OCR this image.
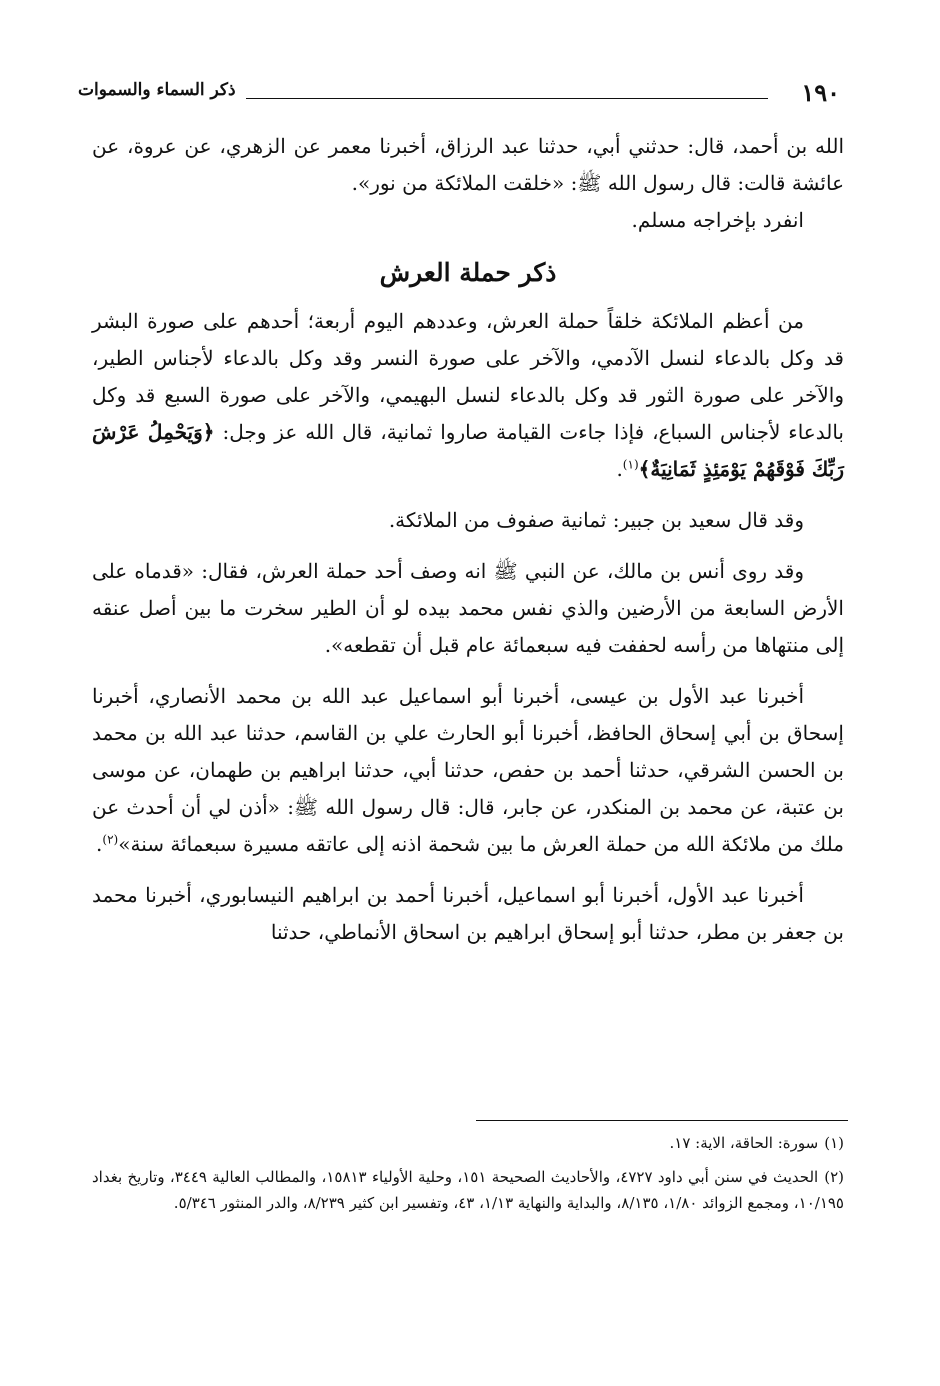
١٩٠
ذكر السماء والسموات

الله بن أحمد، قال: حدثني أبي، حدثنا عبد الرزاق، أخبرنا معمر عن الزهري، عن عروة، عن عائشة قالت: قال رسول الله ﷺ: «خلقت الملائكة من نور».

انفرد بإخراجه مسلم.

ذكر حملة العرش

من أعظم الملائكة خلقاً حملة العرش، وعددهم اليوم أربعة؛ أحدهم على صورة البشر قد وكل بالدعاء لنسل الآدمي، والآخر على صورة النسر وقد وكل بالدعاء لأجناس الطير، والآخر على صورة الثور قد وكل بالدعاء لنسل البهيمي، والآخر على صورة السبع قد وكل بالدعاء لأجناس السباع، فإذا جاءت القيامة صاروا ثمانية، قال الله عز وجل: ﴿وَيَحْمِلُ عَرْشَ رَبِّكَ فَوْقَهُمْ يَوْمَئِذٍ ثَمَانِيَةٌ﴾$^{(١)}$.

وقد قال سعيد بن جبير: ثمانية صفوف من الملائكة.

وقد روى أنس بن مالك، عن النبي ﷺ انه وصف أحد حملة العرش، فقال: «قدماه على الأرض السابعة من الأرضين والذي نفس محمد بيده لو أن الطير سخرت ما بين أصل عنقه إلى منتهاها من رأسه لحففت فيه سبعمائة عام قبل أن تقطعه».

أخبرنا عبد الأول بن عيسى، أخبرنا أبو اسماعيل عبد الله بن محمد الأنصاري، أخبرنا إسحاق بن أبي إسحاق الحافظ، أخبرنا أبو الحارث علي بن القاسم، حدثنا عبد الله بن محمد بن الحسن الشرقي، حدثنا أحمد بن حفص، حدثنا أبي، حدثنا ابراهيم بن طهمان، عن موسى بن عتبة، عن محمد بن المنكدر، عن جابر، قال: قال رسول الله ﷺ: «أذن لي أن أحدث عن ملك من ملائكة الله من حملة العرش ما بين شحمة اذنه إلى عاتقه مسيرة سبعمائة سنة»$^{(٢)}$.

أخبرنا عبد الأول، أخبرنا أبو اسماعيل، أخبرنا أحمد بن ابراهيم النيسابوري، أخبرنا محمد بن جعفر بن مطر، حدثنا أبو إسحاق ابراهيم بن اسحاق الأنماطي، حدثنا

(١)سورة: الحاقة، الاية: ١٧.

(٢)الحديث في سنن أبي داود ٤٧٢٧، والأحاديث الصحيحة ١٥١، وحلية الأولياء ١٥٨١٣، والمطالب العالية ٣٤٤٩، وتاريخ بغداد ١٠/١٩٥، ومجمع الزوائد ١/٨٠، ٨/١٣٥، والبداية والنهاية ١/١٣، ٤٣، وتفسير ابن كثير ٨/٢٣٩، والدر المنثور ٥/٣٤٦.
